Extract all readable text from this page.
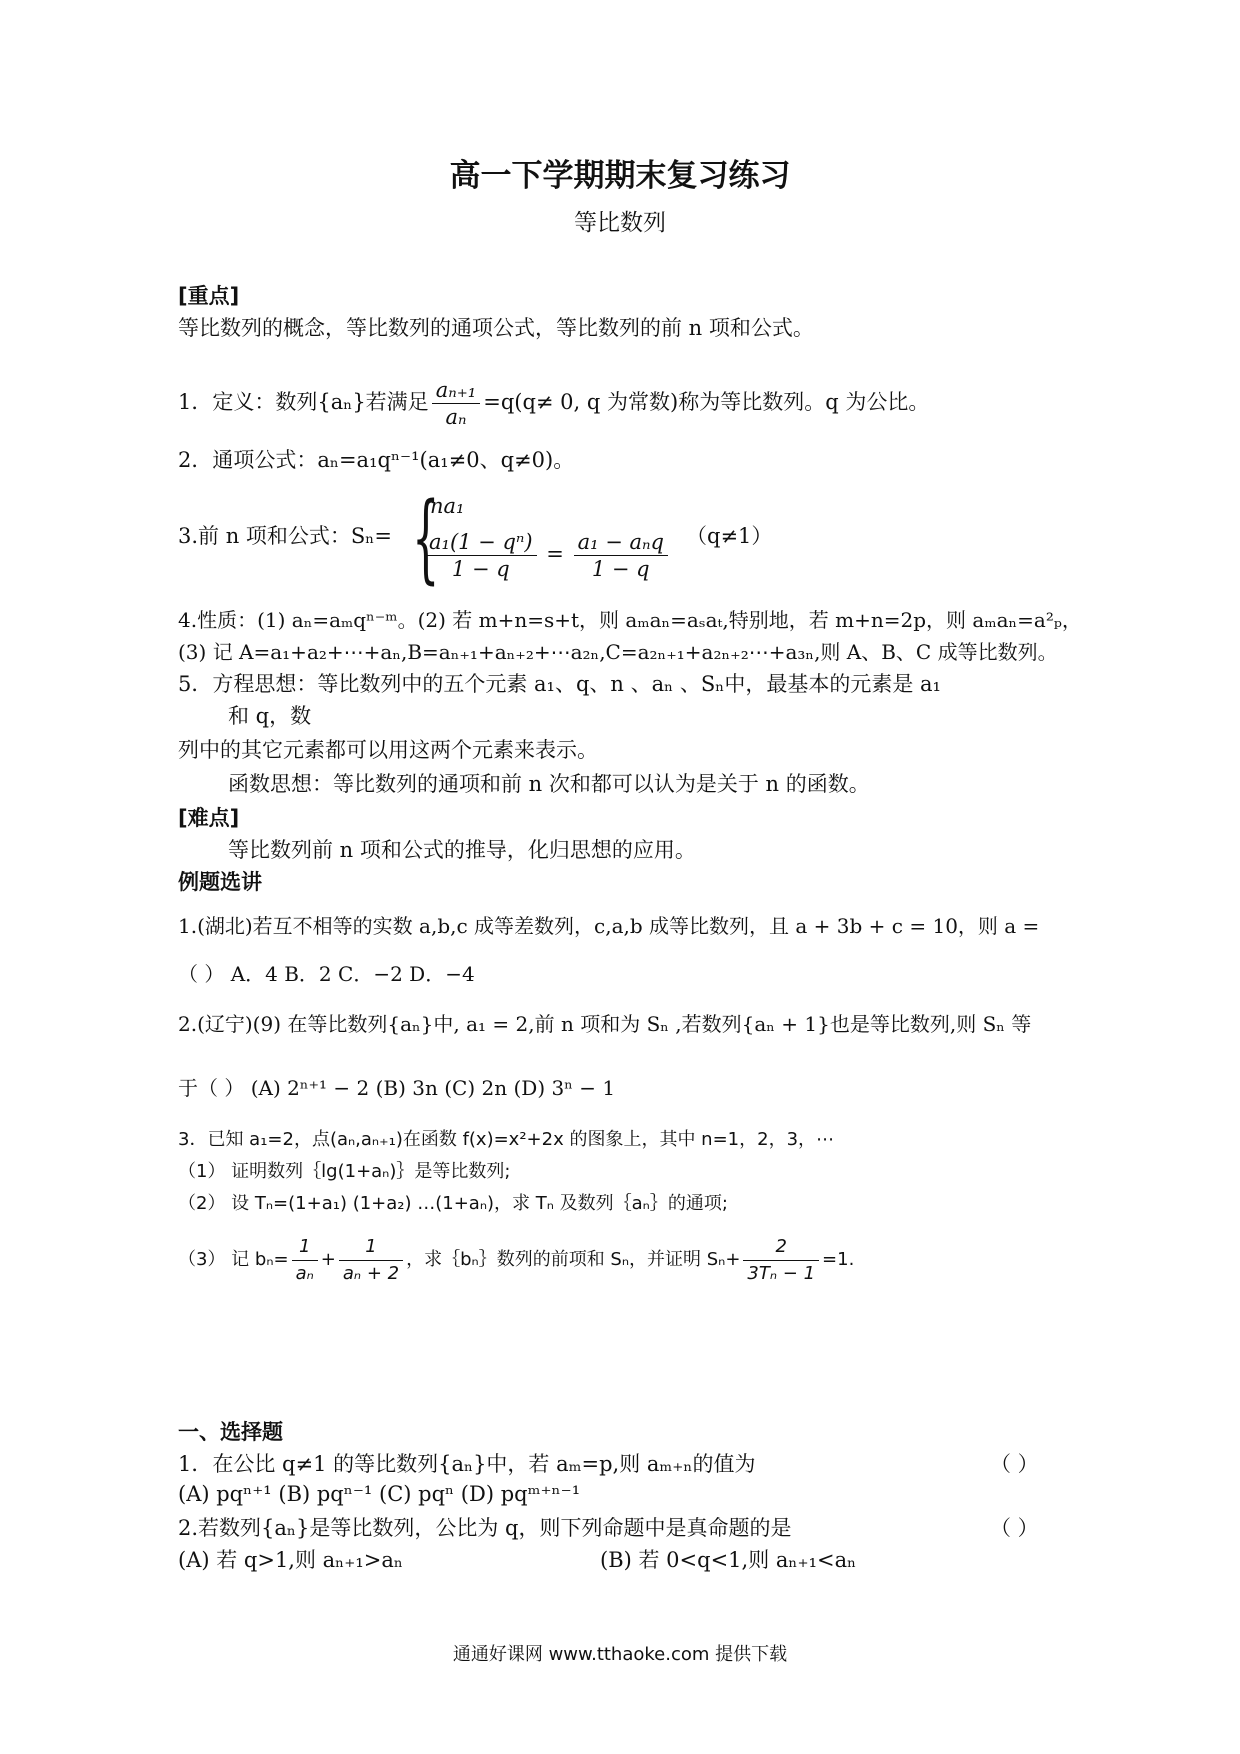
高一下学期期末复习练习
等比数列
[重点]
等比数列的概念，等比数列的通项公式，等比数列的前 n 项和公式。
1．定义：数列{aₙ}若满足 $\frac{\text{aₙ₊₁}}{\text{aₙ}} =q(q\ne 0$, q 为常数)称为等比数列。q 为公比。
2．通项公式：aₙ=a₁qⁿ⁻¹(a₁≠0、q≠0)。
3.前 n 项和公式：Sₙ= {
na₁
$\frac{\text{a₁(1 − qⁿ)}}{1 - q} = \frac{\text{a₁ − aₙq}}{1 - q} (q\ne 1)$
4.性质：(1) aₙ=aₘqⁿ⁻ᵐ。(2) 若 m+n=s+t，则 aₘaₙ=aₛaₜ,特别地，若 m+n=2p，则 aₘaₙ=a²ₚ，
(3) 记 A=a₁+a₂+⋯+aₙ,B=aₙ₊₁+aₙ₊₂+⋯a₂ₙ,C=a₂ₙ₊₁+a₂ₙ₊₂⋯+a₃ₙ,则 A、B、C 成等比数列。
5．方程思想：等比数列中的五个元素 a₁、q、n 、aₙ 、Sₙ中，最基本的元素是 a₁
和 q，数
列中的其它元素都可以用这两个元素来表示。
函数思想：等比数列的通项和前 n 次和都可以认为是关于 n 的函数。
[难点]
等比数列前 n 项和公式的推导，化归思想的应用。
例题选讲
1.(湖北)若互不相等的实数 a,b,c 成等差数列，c,a,b 成等比数列，且 a + 3b + c = 10，则 a =
（ ） A．4 B．2 C．−2 D．−4
2.(辽宁)(9) 在等比数列{aₙ}中, a₁ = 2,前 n 项和为 Sₙ ,若数列{aₙ + 1}也是等比数列,则 Sₙ 等
于（ ） (A) 2ⁿ⁺¹ − 2 (B) 3n (C) 2n (D) 3ⁿ − 1
3．已知 a₁=2，点(aₙ,aₙ₊₁)在函数 f(x)=x²+2x 的图象上，其中 n=1，2，3，⋯
（1） 证明数列｛lg(1+aₙ)｝是等比数列;
（2） 设 Tₙ=(1+a₁) (1+a₂) …(1+aₙ)，求 Tₙ 及数列｛aₙ｝的通项;
（3） 记 $b_n= \frac{1}{\text{aₙ}} + \frac{1}{\text{aₙ + 2}}$ ，求｛bₙ｝数列的前项和 Sₙ，并证明 $S_n+ \frac{2}{\text{3Tₙ − 1}} =1$.
一、选择题
1．在公比 q≠1 的等比数列{aₙ}中，若 aₘ=p,则 aₘ₊ₙ的值为	（ ）
(A) pqⁿ⁺¹ (B) pqⁿ⁻¹ (C) pqⁿ (D) pqᵐ⁺ⁿ⁻¹
2.若数列{aₙ}是等比数列，公比为 q，则下列命题中是真命题的是	（ ）
(A) 若 q>1,则 aₙ₊₁>aₙ	(B) 若 0<q<1,则 aₙ₊₁<aₙ
通通好课网 www.tthaoke.com 提供下载
